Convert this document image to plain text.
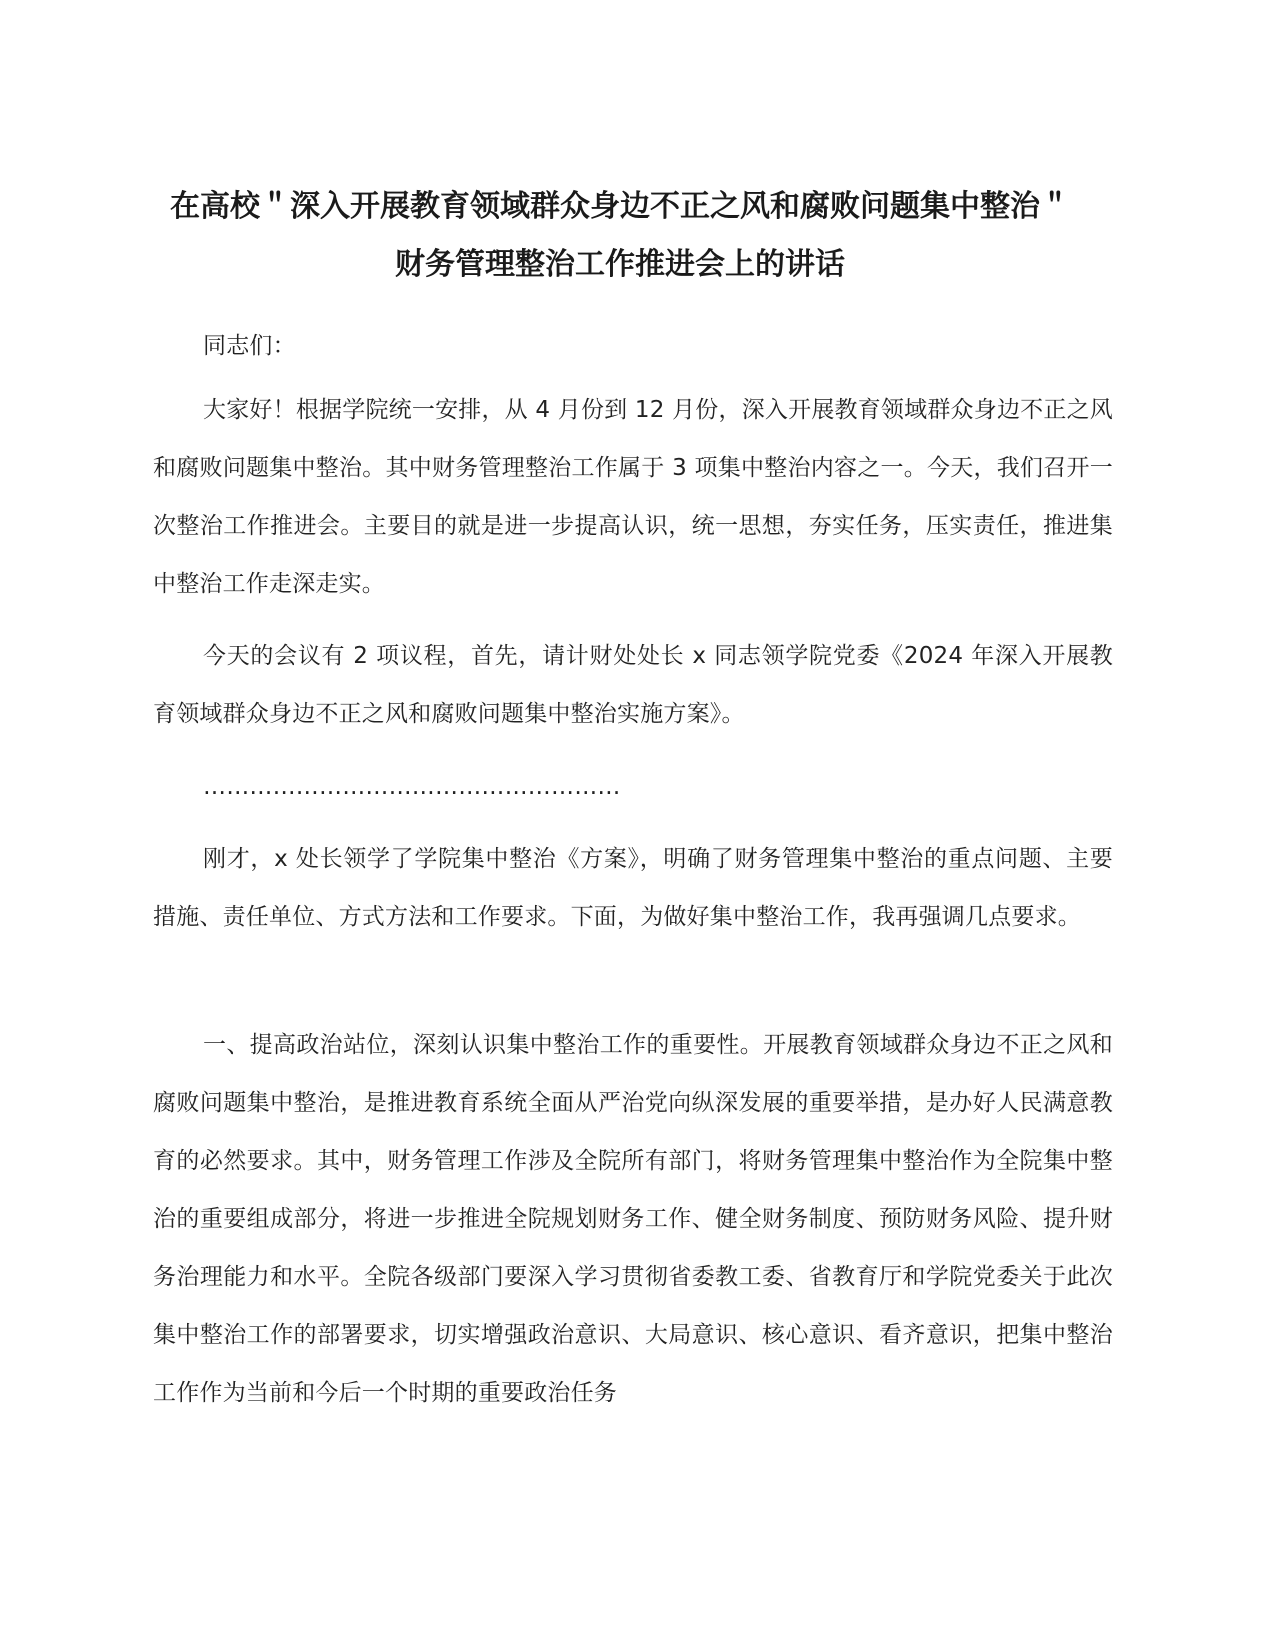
在高校＂深入开展教育领域群众身边不正之风和腐败问题集中整治＂
财务管理整治工作推进会上的讲话

同志们：

大家好！根据学院统一安排，从 4 月份到 12 月份，深入开展教育领域群众身边不正之风和腐败问题集中整治。其中财务管理整治工作属于 3 项集中整治内容之一。今天，我们召开一次整治工作推进会。主要目的就是进一步提高认识，统一思想，夯实任务，压实责任，推进集中整治工作走深走实。

今天的会议有 2 项议程，首先，请计财处处长 x 同志领学院党委《2024 年深入开展教育领域群众身边不正之风和腐败问题集中整治实施方案》。

………………………………………………

刚才，x 处长领学了学院集中整治《方案》，明确了财务管理集中整治的重点问题、主要措施、责任单位、方式方法和工作要求。下面，为做好集中整治工作，我再强调几点要求。

一、提高政治站位，深刻认识集中整治工作的重要性。开展教育领域群众身边不正之风和腐败问题集中整治，是推进教育系统全面从严治党向纵深发展的重要举措，是办好人民满意教育的必然要求。其中，财务管理工作涉及全院所有部门，将财务管理集中整治作为全院集中整治的重要组成部分，将进一步推进全院规划财务工作、健全财务制度、预防财务风险、提升财务治理能力和水平。全院各级部门要深入学习贯彻省委教工委、省教育厅和学院党委关于此次集中整治工作的部署要求，切实增强政治意识、大局意识、核心意识、看齐意识，把集中整治工作作为当前和今后一个时期的重要政治任务
